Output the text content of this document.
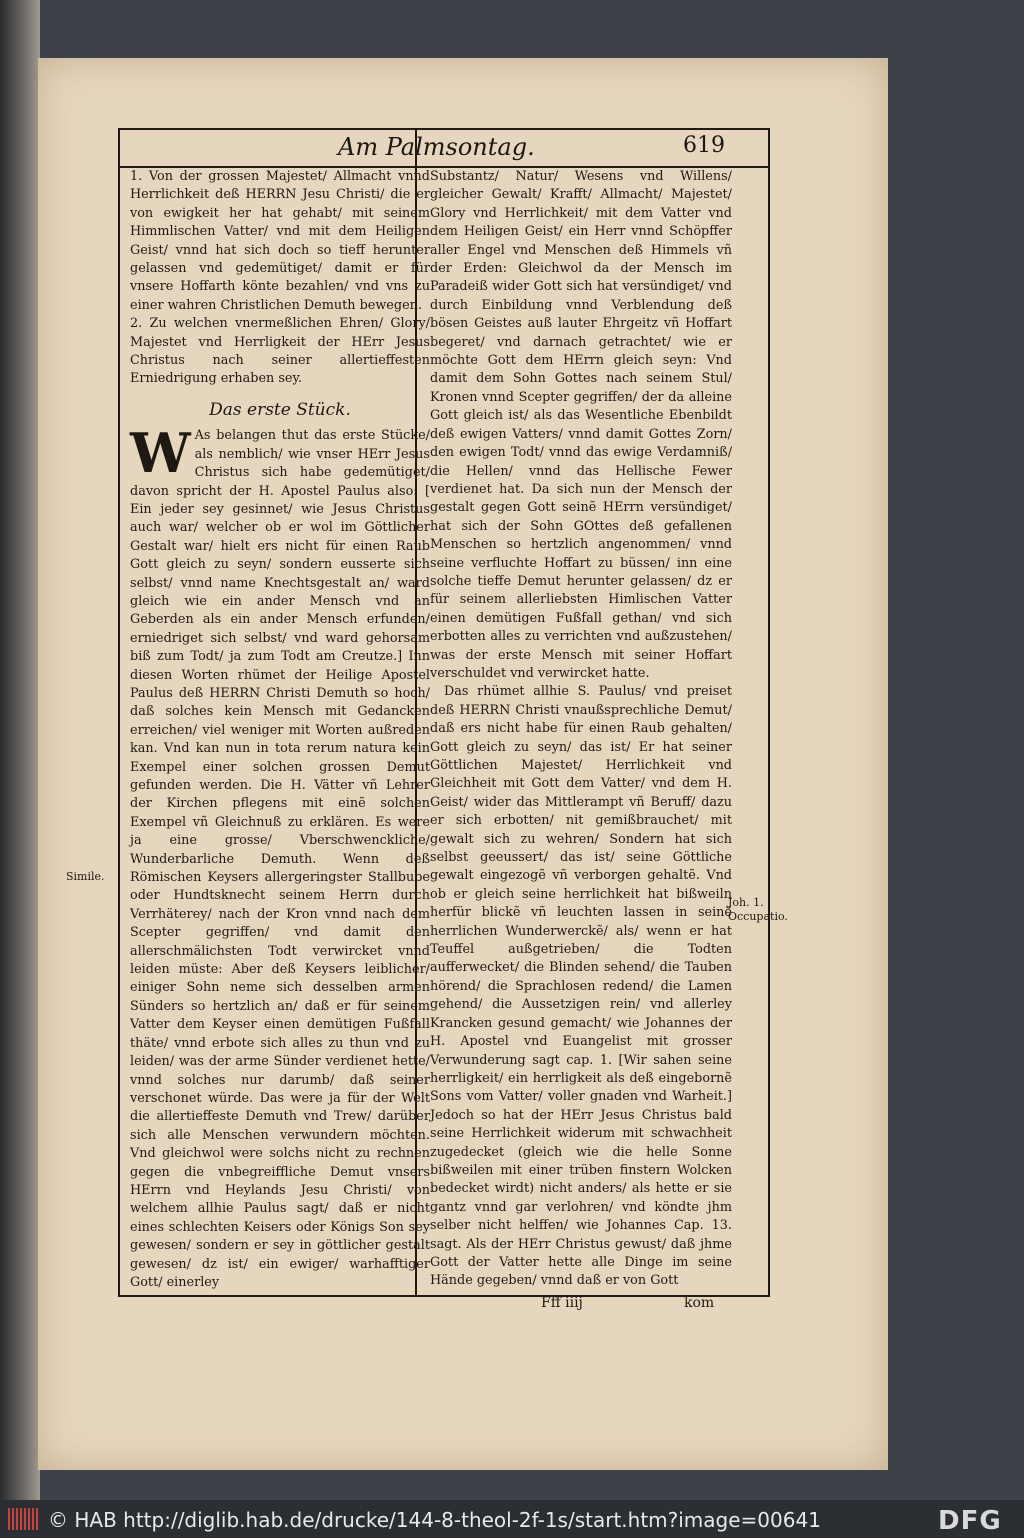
Am Palmsontag.	619

1. Von der grossen Majestet/ Allmacht vnnd Herrlichkeit deß HERRN Jesu Christi/ die er von ewigkeit her hat gehabt/ mit seinem Himmlischen Vatter/ vnd mit dem Heiligen Geist/ vnnd hat sich doch so tieff herunter gelassen vnd gedemütiget/ damit er für vnsere Hoffarth könte bezahlen/ vnd vns zu einer wahren Christlichen Demuth bewegen.

2. Zu welchen vnermeßlichen Ehren/ Glory/ Majestet vnd Herrligkeit der HErr Jesus Christus nach seiner allertieffesten Erniedrigung erhaben sey.

Das erste Stück.

W As belangen thut das erste Stücke/ als nemblich/ wie vnser HErr Jesus Christus sich habe gedemütiget/ davon spricht der H. Apostel Paulus also: [ Ein jeder sey gesinnet/ wie Jesus Christus auch war/ welcher ob er wol im Göttlicher Gestalt war/ hielt ers nicht für einen Raub Gott gleich zu seyn/ sondern eusserte sich selbst/ vnnd name Knechtsgestalt an/ ward gleich wie ein ander Mensch vnd an Geberden als ein ander Mensch erfunden/ erniedriget sich selbst/ vnd ward gehorsam biß zum Todt/ ja zum Todt am Creutze.] Inn diesen Worten rhümet der Heilige Apostel Paulus deß HERRN Christi Demuth so hoch/ daß solches kein Mensch mit Gedancken erreichen/ viel weniger mit Worten außreden kan. Vnd kan nun in tota rerum natura kein Exempel einer solchen grossen Demut gefunden werden. Die H. Vätter vñ Lehrer der Kirchen pflegens mit einẽ solchen Exempel vñ Gleichnuß zu erklären. Es were ja eine grosse/ Vberschwenckliche/ Wunderbarliche Demuth. Wenn deß Römischen Keysers allergeringster Stallbube oder Hundtsknecht seinem Herrn durch Verrhäterey/ nach der Kron vnnd nach dem Scepter gegriffen/ vnd damit den allerschmälichsten Todt verwircket vnnd leiden müste: Aber deß Keysers leiblicher/ einiger Sohn neme sich desselben armen Sünders so hertzlich an/ daß er für seinem Vatter dem Keyser einen demütigen Fußfall thäte/ vnnd erbote sich alles zu thun vnd zu leiden/ was der arme Sünder verdienet hette/ vnnd solches nur darumb/ daß seiner verschonet würde. Das were ja für der Welt die allertieffeste Demuth vnd Trew/ darüber sich alle Menschen verwundern möchten. Vnd gleichwol were solchs nicht zu rechnen gegen die vnbegreiffliche Demut vnsers HErrn vnd Heylands Jesu Christi/ von welchem allhie Paulus sagt/ daß er nicht eines schlechten Keisers oder Königs Son sey gewesen/ sondern er sey in göttlicher gestalt gewesen/ dz ist/ ein ewiger/ warhafftiger Gott/ einerley

Substantz/ Natur/ Wesens vnd Willens/ gleicher Gewalt/ Krafft/ Allmacht/ Majestet/ Glory vnd Herrlichkeit/ mit dem Vatter vnd dem Heiligen Geist/ ein Herr vnnd Schöpffer aller Engel vnd Menschen deß Himmels vñ der Erden: Gleichwol da der Mensch im Paradeiß wider Gott sich hat versündiget/ vnd durch Einbildung vnnd Verblendung deß bösen Geistes auß lauter Ehrgeitz vñ Hoffart begeret/ vnd darnach getrachtet/ wie er möchte Gott dem HErrn gleich seyn: Vnd damit dem Sohn Gottes nach seinem Stul/ Kronen vnnd Scepter gegriffen/ der da alleine Gott gleich ist/ als das Wesentliche Ebenbildt deß ewigen Vatters/ vnnd damit Gottes Zorn/ den ewigen Todt/ vnnd das ewige Verdamniß/ die Hellen/ vnnd das Hellische Fewer verdienet hat. Da sich nun der Mensch der gestalt gegen Gott seinẽ HErrn versündiget/ hat sich der Sohn GOttes deß gefallenen Menschen so hertzlich angenommen/ vnnd seine verfluchte Hoffart zu büssen/ inn eine solche tieffe Demut herunter gelassen/ dz er für seinem allerliebsten Himlischen Vatter einen demütigen Fußfall gethan/ vnd sich erbotten alles zu verrichten vnd außzustehen/ was der erste Mensch mit seiner Hoffart verschuldet vnd verwircket hatte.

Das rhümet allhie S. Paulus/ vnd preiset deß HERRN Christi vnaußsprechliche Demut/ daß ers nicht habe für einen Raub gehalten/ Gott gleich zu seyn/ das ist/ Er hat seiner Göttlichen Majestet/ Herrlichkeit vnd Gleichheit mit Gott dem Vatter/ vnd dem H. Geist/ wider das Mittlerampt vñ Beruff/ dazu er sich erbotten/ nit gemißbrauchet/ mit gewalt sich zu wehren/ Sondern hat sich selbst geeussert/ das ist/ seine Göttliche gewalt eingezogẽ vñ verborgen gehaltẽ. Vnd ob er gleich seine herrlichkeit hat bißweiln herfür blickẽ vñ leuchten lassen in seinẽ herrlichen Wunderwerckẽ/ als/ wenn er hat Teuffel außgetrieben/ die Todten aufferwecket/ die Blinden sehend/ die Tauben hörend/ die Sprachlosen redend/ die Lamen gehend/ die Aussetzigen rein/ vnd allerley Krancken gesund gemacht/ wie Johannes der H. Apostel vnd Euangelist mit grosser Verwunderung sagt cap. 1. [Wir sahen seine herrligkeit/ ein herrligkeit als deß eingebornẽ Sons vom Vatter/ voller gnaden vnd Warheit.] Jedoch so hat der HErr Jesus Christus bald seine Herrlichkeit widerum mit schwachheit zugedecket (gleich wie die helle Sonne bißweilen mit einer trüben finstern Wolcken bedecket wirdt) nicht anders/ als hette er sie gantz vnnd gar verlohren/ vnd köndte jhm selber nicht helffen/ wie Johannes Cap. 13. sagt. Als der HErr Christus gewust/ daß jhme Gott der Vatter hette alle Dinge im seine Hände gegeben/ vnnd daß er von Gott

Simile.
Joh. 1.
Occupatio.
Fff iiij	kom
© HAB http://diglib.hab.de/drucke/144-8-theol-2f-1s/start.htm?image=00641	DFG
